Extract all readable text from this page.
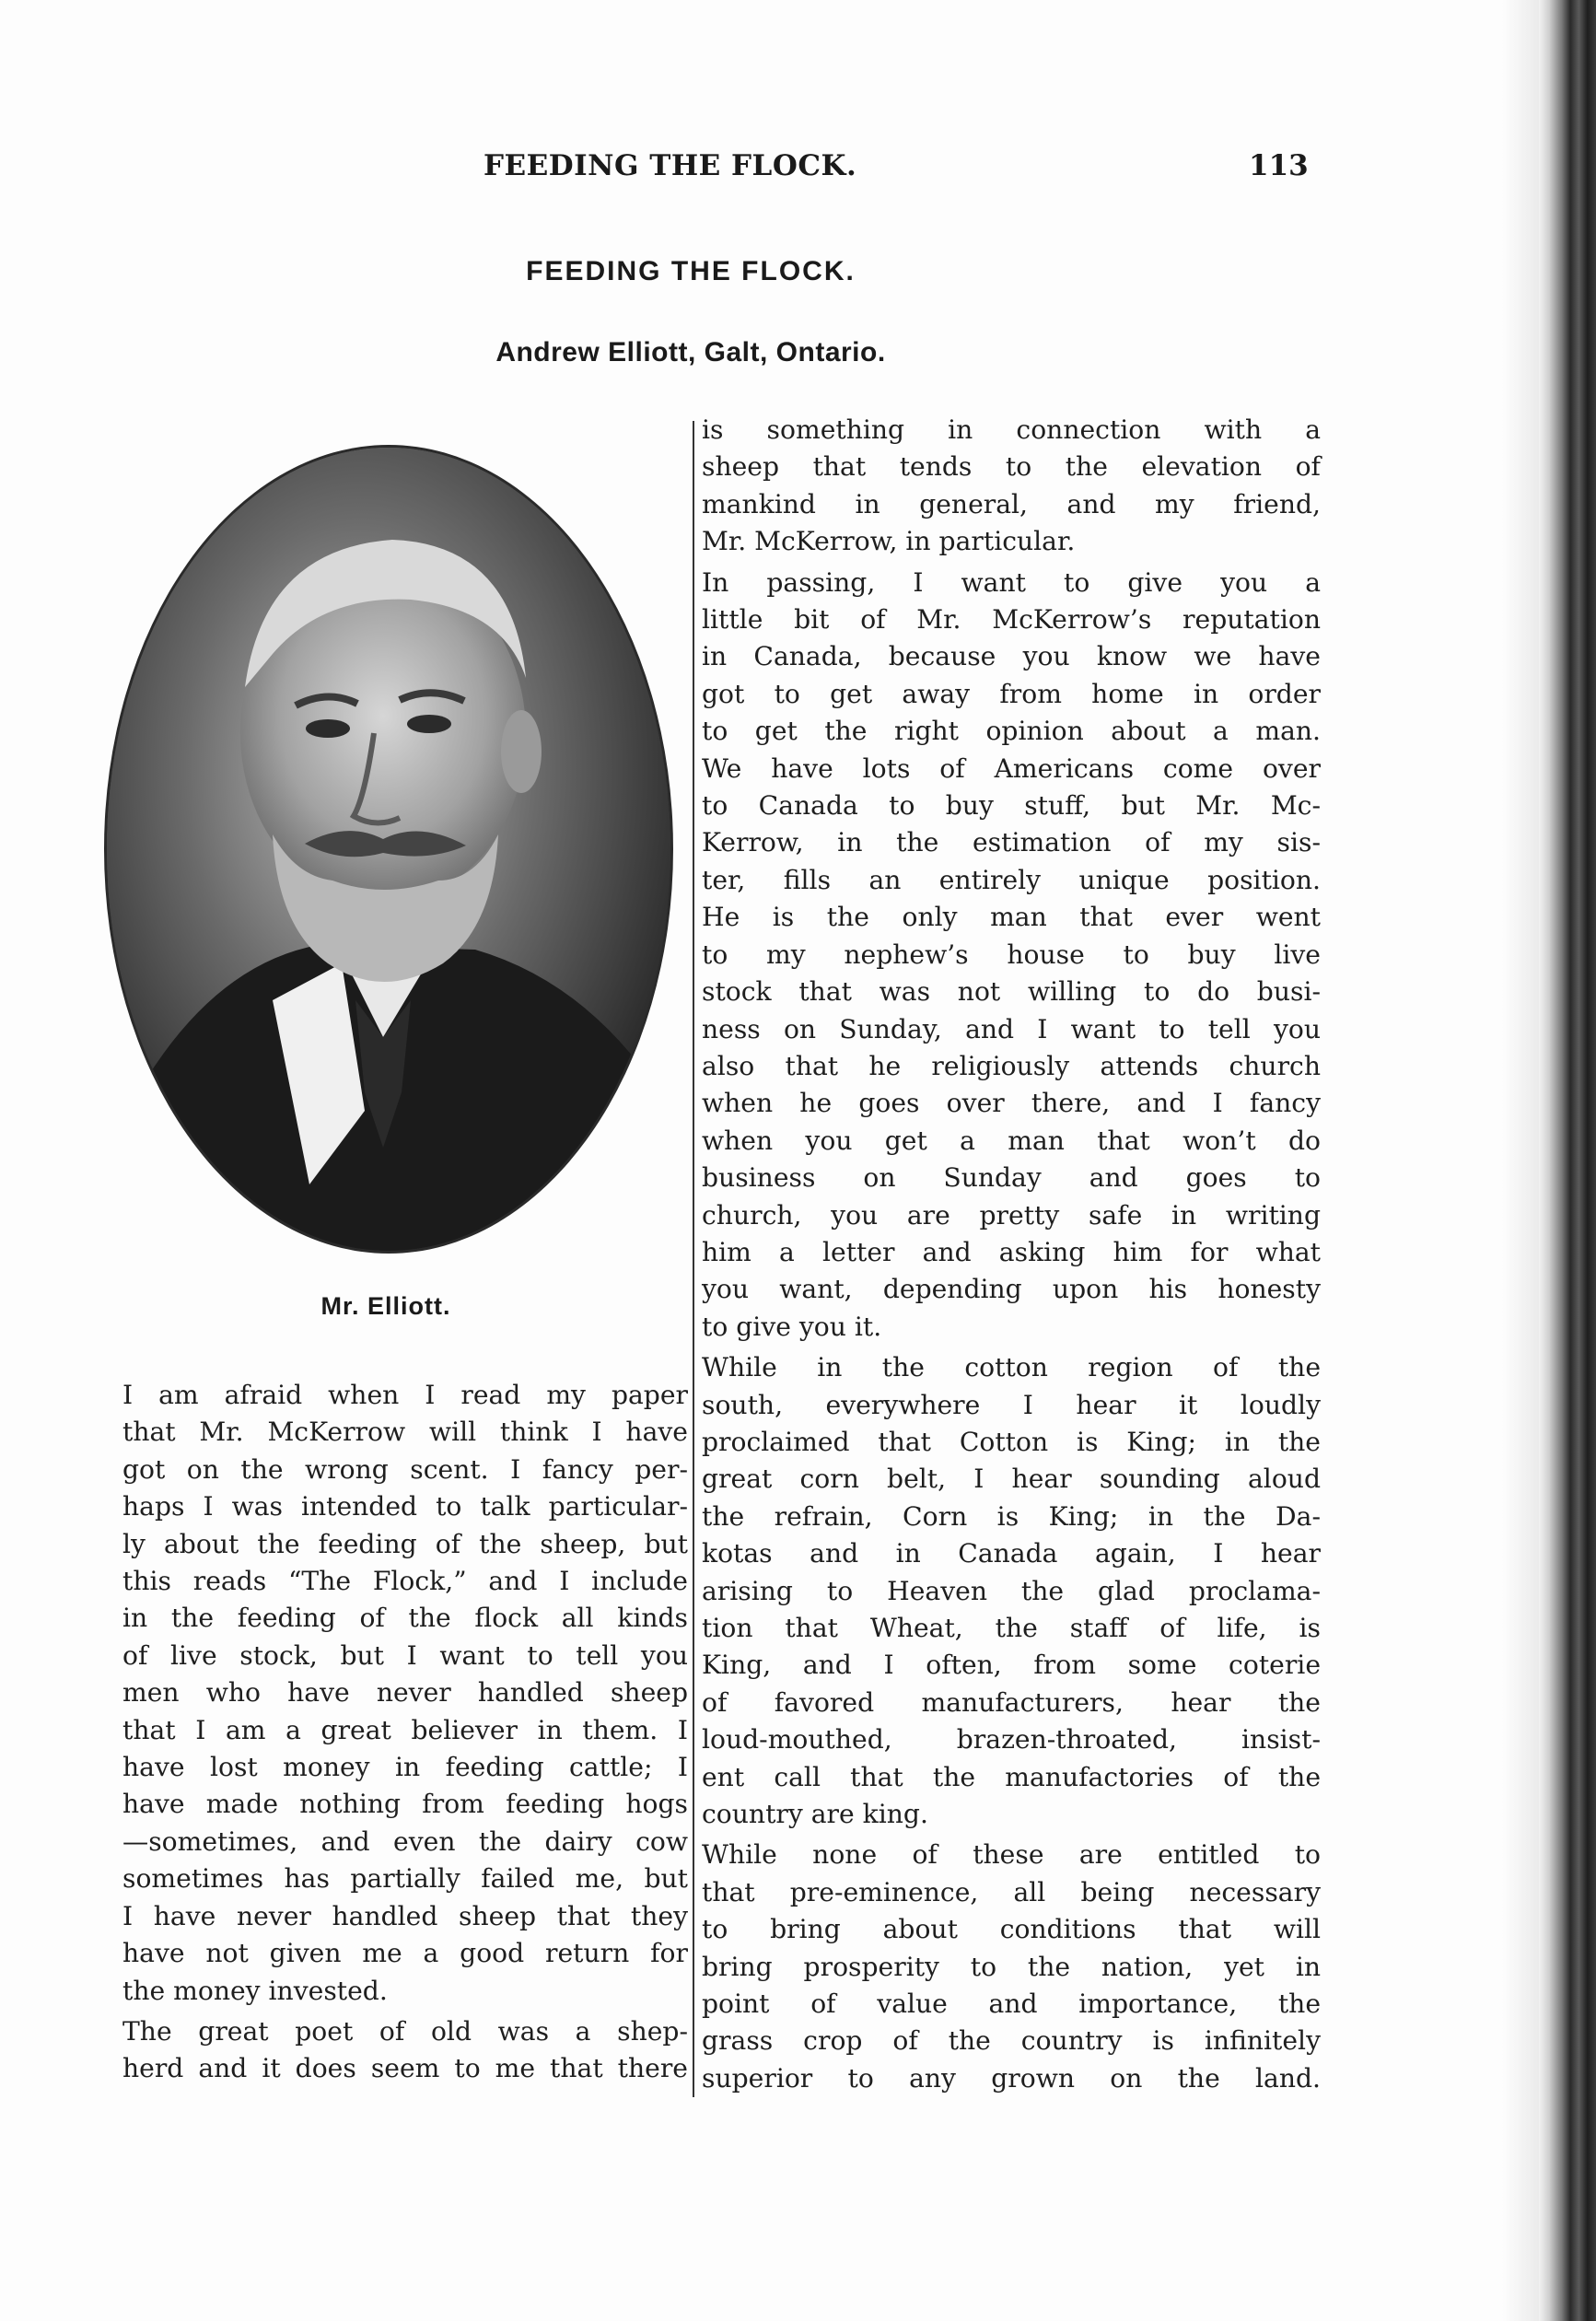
FEEDING THE FLOCK.	113
FEEDING THE FLOCK.
Andrew Elliott, Galt, Ontario.
Mr. Elliott.

I am afraid when I read my paper
that Mr. McKerrow will think I have
got on the wrong scent. I fancy per-
haps I was intended to talk particular-
ly about the feeding of the sheep, but
this reads “The Flock,” and I include
in the feeding of the flock all kinds
of live stock, but I want to tell you
men who have never handled sheep
that I am a great believer in them. I
have lost money in feeding cattle; I
have made nothing from feeding hogs
—sometimes, and even the dairy cow
sometimes has partially failed me, but
I have never handled sheep that they
have not given me a good return for
the money invested.

The great poet of old was a shep-
herd and it does seem to me that there

is something in connection with a
sheep that tends to the elevation of
mankind in general, and my friend,
Mr. McKerrow, in particular.

In passing, I want to give you a
little bit of Mr. McKerrow’s reputation
in Canada, because you know we have
got to get away from home in order
to get the right opinion about a man.
We have lots of Americans come over
to Canada to buy stuff, but Mr. Mc-
Kerrow, in the estimation of my sis-
ter, fills an entirely unique position.
He is the only man that ever went
to my nephew’s house to buy live
stock that was not willing to do busi-
ness on Sunday, and I want to tell you
also that he religiously attends church
when he goes over there, and I fancy
when you get a man that won’t do
business on Sunday and goes to
church, you are pretty safe in writing
him a letter and asking him for what
you want, depending upon his honesty
to give you it.

While in the cotton region of the
south, everywhere I hear it loudly
proclaimed that Cotton is King; in the
great corn belt, I hear sounding aloud
the refrain, Corn is King; in the Da-
kotas and in Canada again, I hear
arising to Heaven the glad proclama-
tion that Wheat, the staff of life, is
King, and I often, from some coterie
of favored manufacturers, hear the
loud-mouthed, brazen-throated, insist-
ent call that the manufactories of the
country are king.

While none of these are entitled to
that pre-eminence, all being necessary
to bring about conditions that will
bring prosperity to the nation, yet in
point of value and importance, the
grass crop of the country is infinitely
superior to any grown on the land.
